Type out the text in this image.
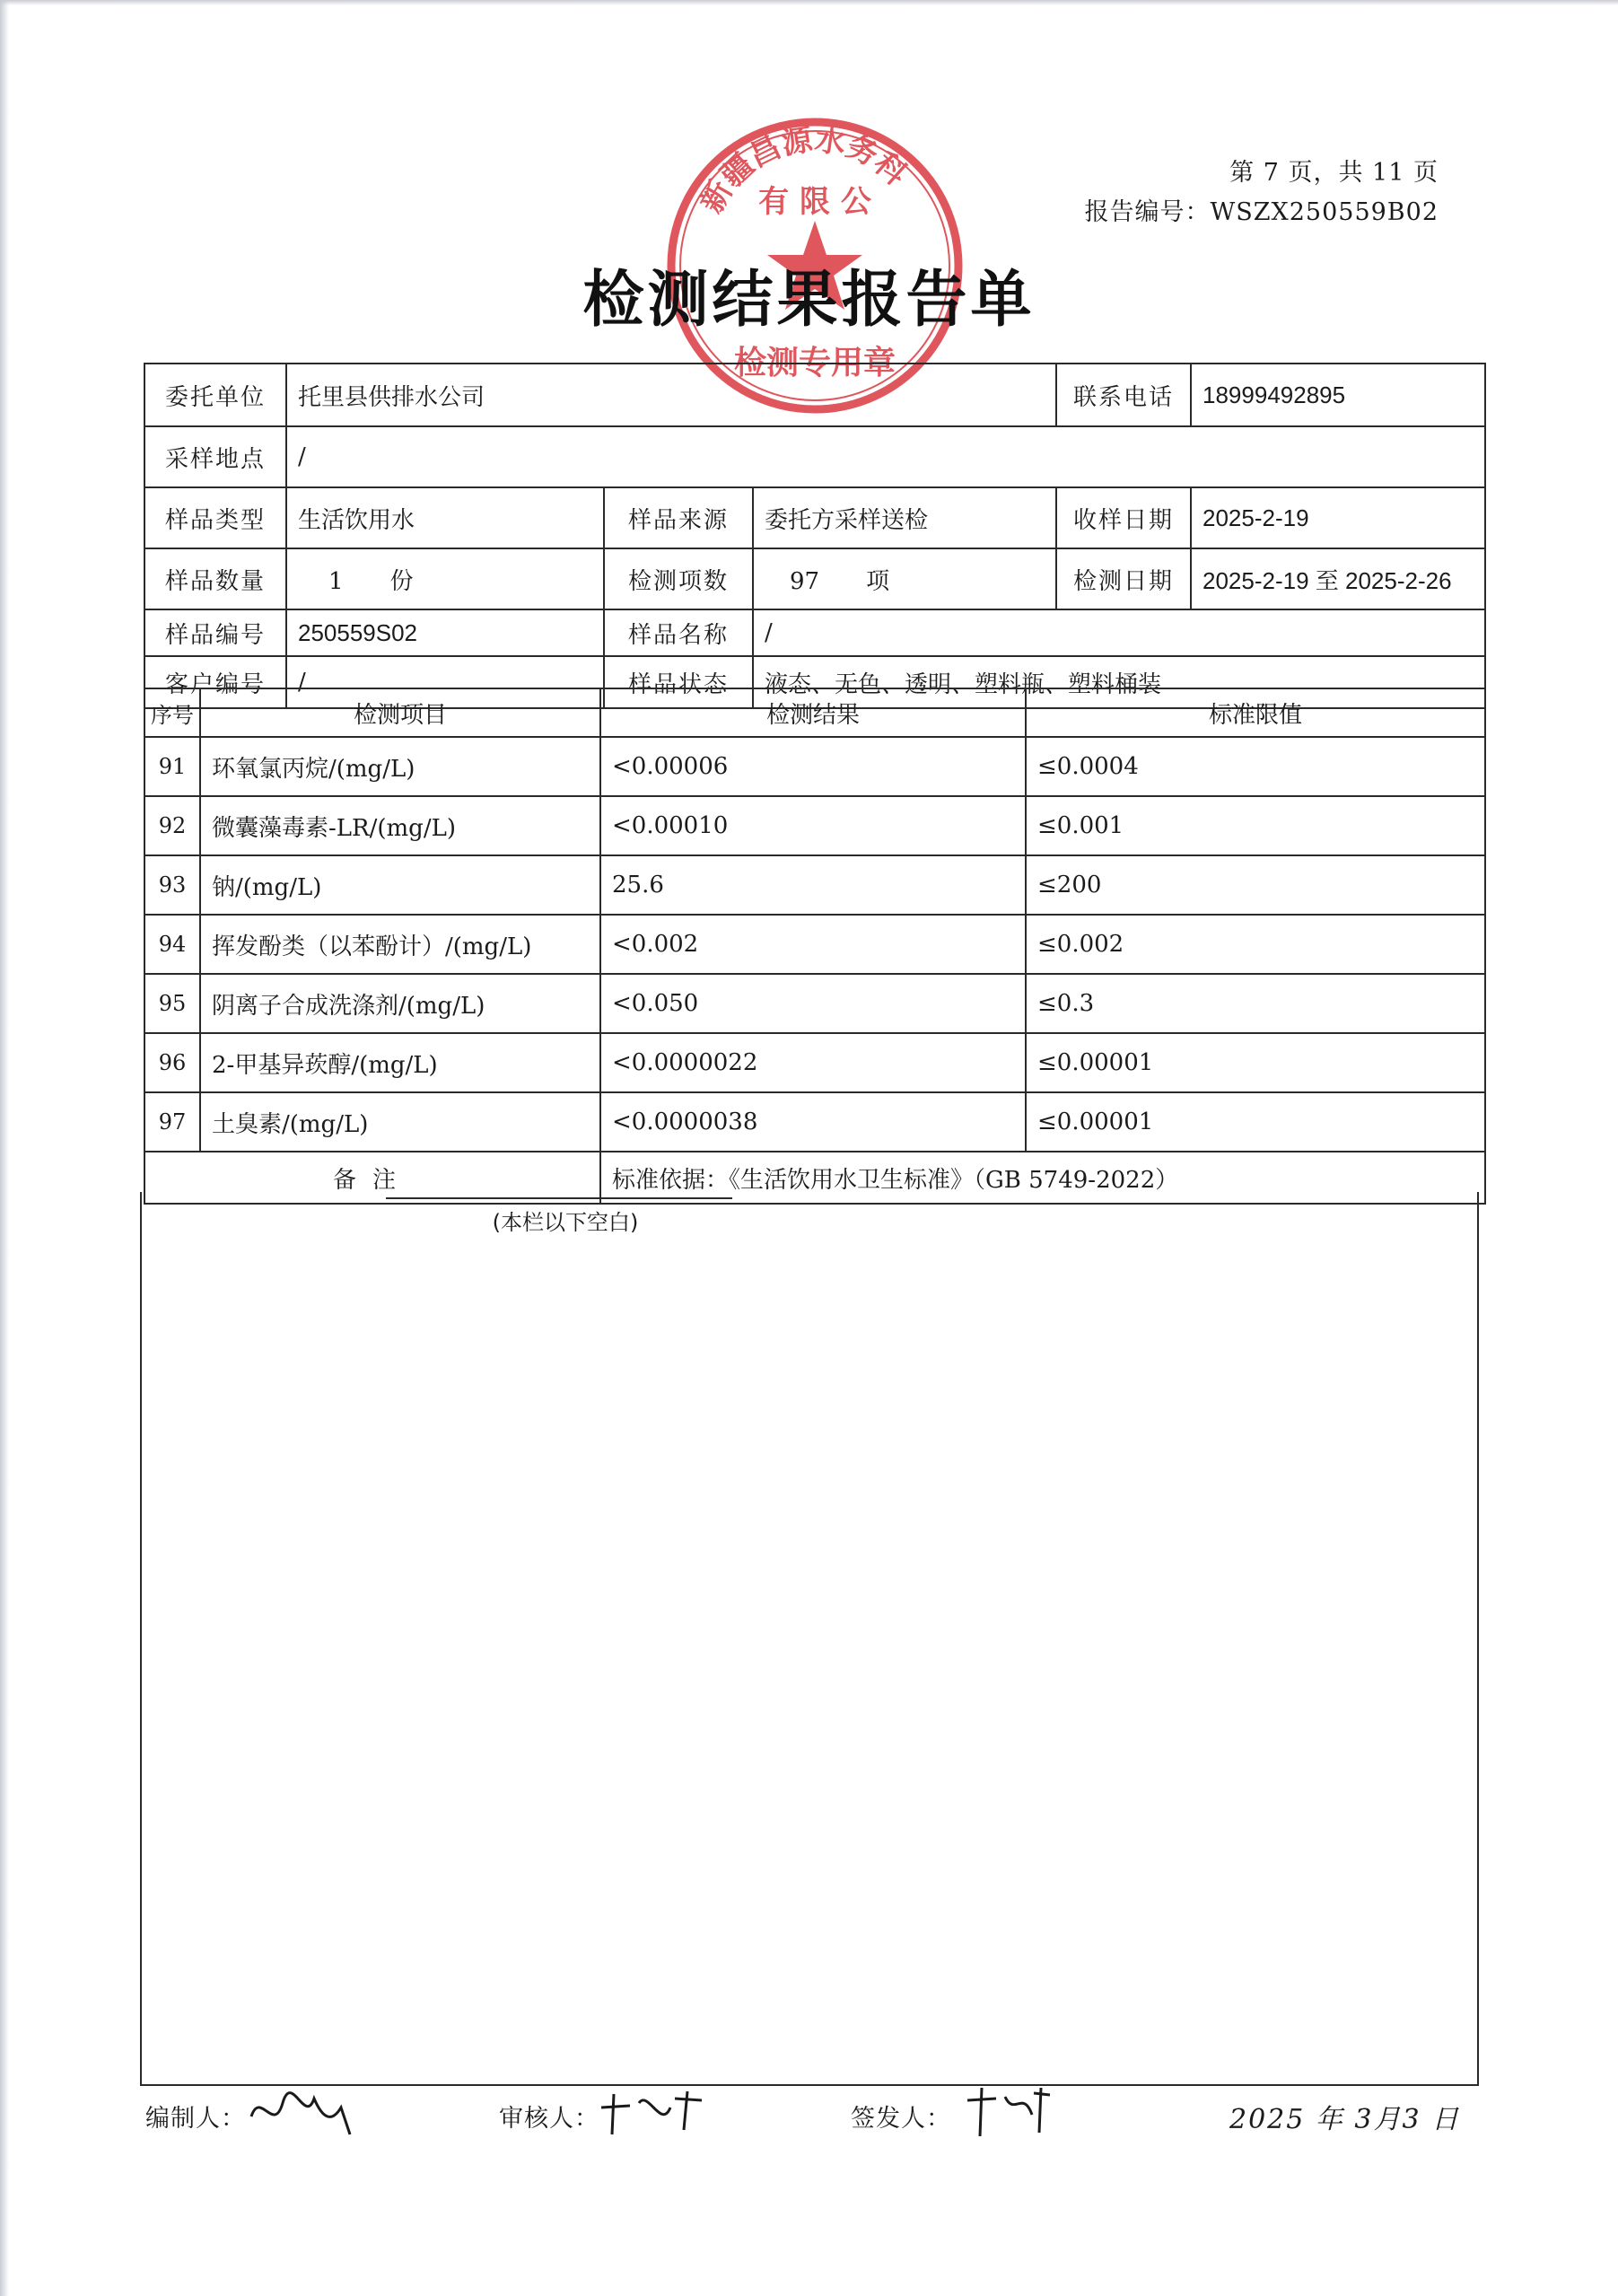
第 7 页，共 11 页
报告编号：WSZX250559B02
新疆昌源水务科
有 限 公
检测专用章
检测结果报告单
委托单位	托里县供排水公司			联系电话	18999492895
采样地点	/				
样品类型	生活饮用水	样品来源	委托方采样送检	收样日期	2025-2-19
样品数量	1　　份	检测项数	97　　项	检测日期	2025-2-19 至 2025-2-26
样品编号	250559S02	样品名称	/		
客户编号	/	样品状态	液态、无色、透明、塑料瓶、塑料桶装		
序号	检测项目	检测结果	标准限值
91	环氧氯丙烷/(mg/L)	<0.00006	≤0.0004
92	微囊藻毒素-LR/(mg/L)	<0.00010	≤0.001
93	钠/(mg/L)	25.6	≤200
94	挥发酚类（以苯酚计）/(mg/L)	<0.002	≤0.002
95	阴离子合成洗涤剂/(mg/L)	<0.050	≤0.3
96	2-甲基异莰醇/(mg/L)	<0.0000022	≤0.00001
97	土臭素/(mg/L)	<0.0000038	≤0.00001
备注		标准依据：《生活饮用水卫生标准》（GB 5749-2022）	
(本栏以下空白)
编制人：	审核人：	签发人：	2025 年 3月3 日
